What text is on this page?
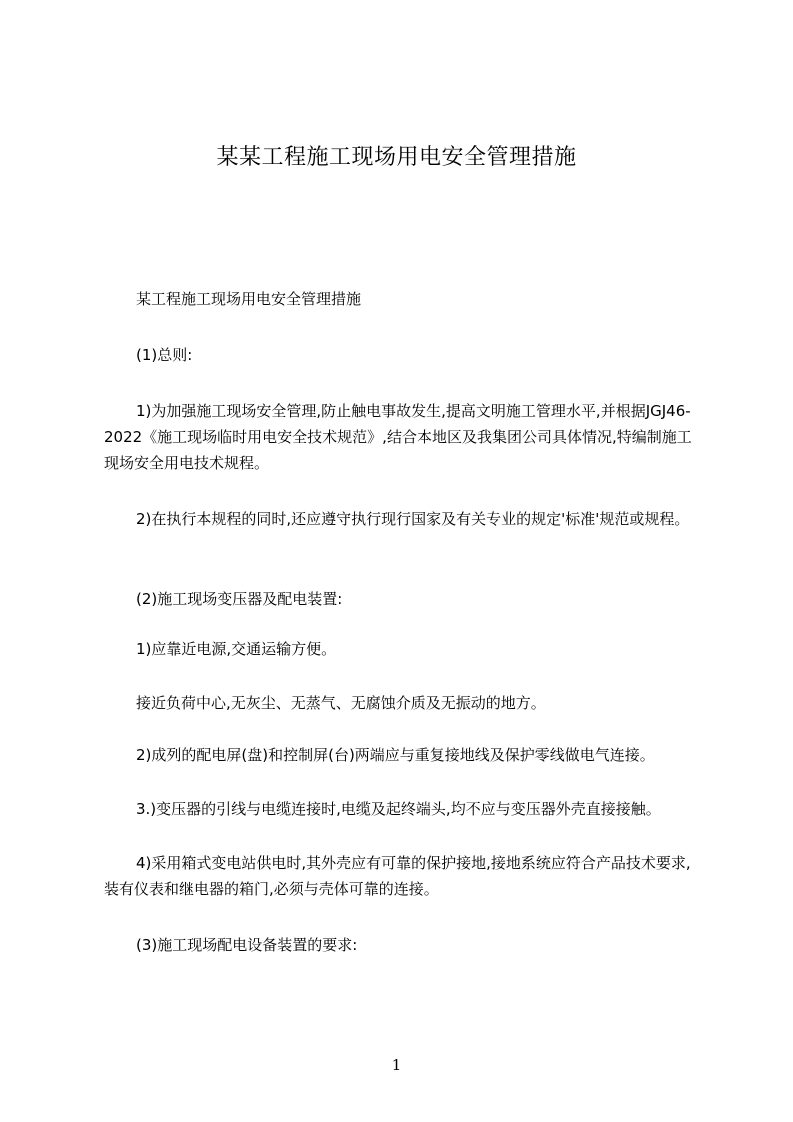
某某工程施工现场用电安全管理措施

某工程施工现场用电安全管理措施

(1)总则:

1)为加强施工现场安全管理,防止触电事故发生,提高文明施工管理水平,并根据JGJ46-2022《施工现场临时用电安全技术规范》,结合本地区及我集团公司具体情况,特编制施工现场安全用电技术规程。

2)在执行本规程的同时,还应遵守执行现行国家及有关专业的规定'标准'规范或规程。

(2)施工现场变压器及配电装置:

1)应靠近电源,交通运输方便。

接近负荷中心,无灰尘、无蒸气、无腐蚀介质及无振动的地方。

2)成列的配电屏(盘)和控制屏(台)两端应与重复接地线及保护零线做电气连接。

3.)变压器的引线与电缆连接时,电缆及起终端头,均不应与变压器外壳直接接触。

4)采用箱式变电站供电时,其外壳应有可靠的保护接地,接地系统应符合产品技术要求,装有仪表和继电器的箱门,必须与壳体可靠的连接。

(3)施工现场配电设备装置的要求:

1
